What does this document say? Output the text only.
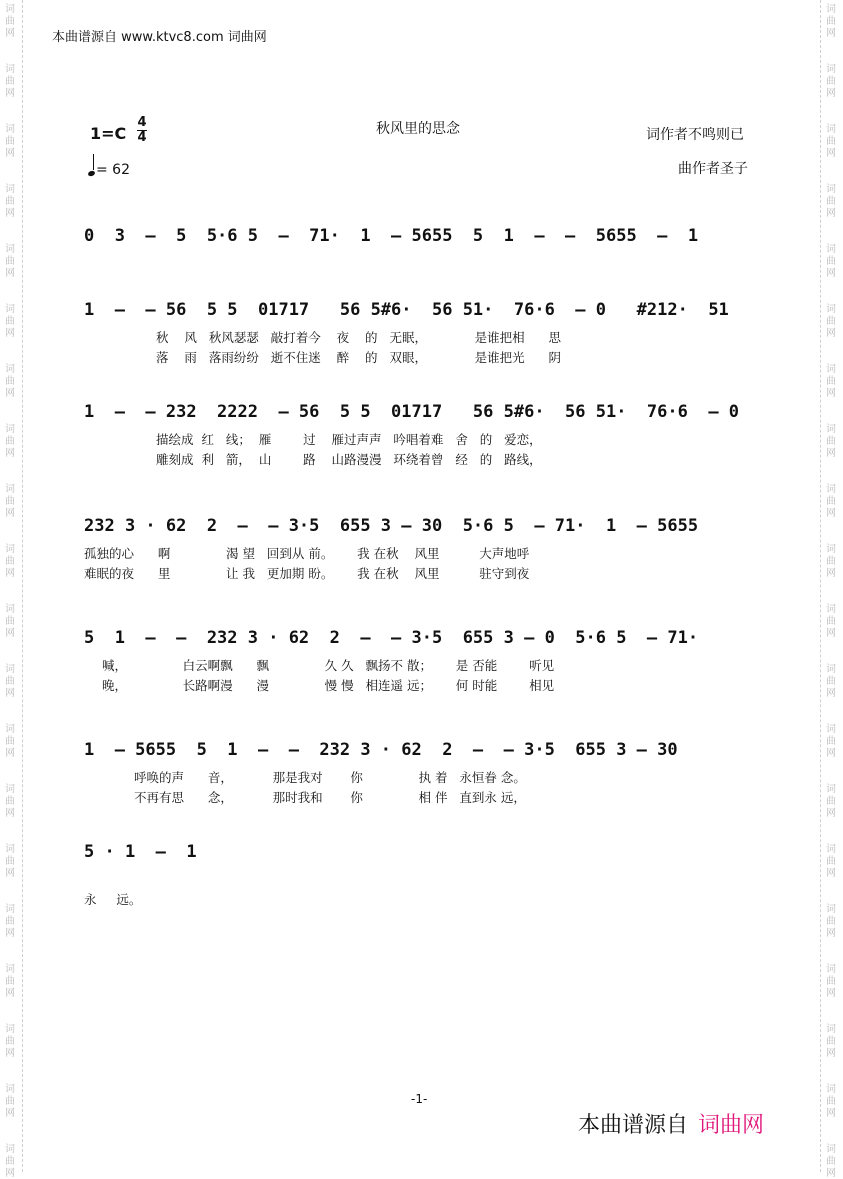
词
曲
网
词
曲
网
词
曲
网
词
曲
网
词
曲
网
词
曲
网
词
曲
网
词
曲
网
词
曲
网
词
曲
网
词
曲
网
词
曲
网
词
曲
网
词
曲
网
词
曲
网
词
曲
网
词
曲
网
词
曲
网
词
曲
网
词
曲
网
词
曲
网
词
曲
网
词
曲
网
词
曲
网
词
曲
网
词
曲
网
词
曲
网
词
曲
网
词
曲
网
词
曲
网
词
曲
网
词
曲
网
词
曲
网
词
曲
网
词
曲
网
词
曲
网
词
曲
网
词
曲
网
词
曲
网
词
曲
网
本曲谱源自 www.ktvc8.com 词曲网
秋风里的思念	词作者不鸣则已
曲作者圣子
1=C
4
4
= 62
0  3  –  5  5·6 5  –  71·  1  – 5655  5  1  –  –  5655  –  1
1  –  – 56  5 5  01717   56 5#6·  56 51·  76·6  – 0   #212·  51
秋    风   秋风瑟瑟   敲打着今    夜    的   无眠，            是谁把相      思
落    雨   落雨纷纷   逝不住迷    醉    的   双眼，            是谁把光      阴
1  –  – 232  2222  – 56  5 5  01717   56 5#6·  56 51·  76·6  – 0
描绘成  红   线；  雁        过    雁过声声   吟唱着难   舍   的   爱恋，
雕刻成  利   箭，  山        路    山路漫漫   环绕着曾   经   的   路线，
232 3 · 62  2  –  – 3·5  655 3 – 30  5·6 5  – 71·  1  – 5655
孤独的心      啊              渴 望   回到从 前。      我 在秋    风里          大声地呼
难眠的夜      里              让 我   更加期 盼。      我 在秋    风里          驻守到夜
5  1  –  –  232 3 · 62  2  –  – 3·5  655 3 – 0  5·6 5  – 71·
喊，              白云啊飘      飘              久 久   飘扬不 散；      是 否能        听见
晚，              长路啊漫      漫              慢 慢   相连遥 远；      何 时能        相见
1  – 5655  5  1  –  –  232 3 · 62  2  –  – 3·5  655 3 – 30
呼唤的声      音，          那是我对       你              执 着   永恒眷 念。
不再有思      念，          那时我和       你              相 伴   直到永 远，
5 · 1  –  1
永     远。
-1-
本曲谱源自 词曲网
